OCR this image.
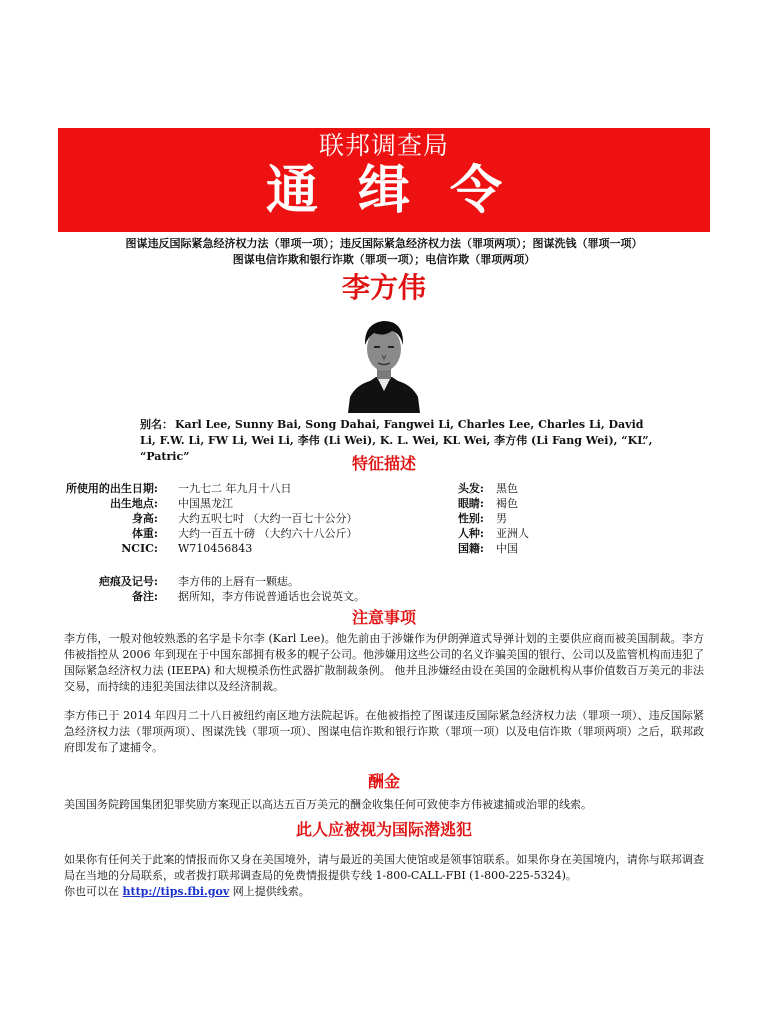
联邦调查局
通缉令
图谋违反国际紧急经济权力法（罪项一项）；违反国际紧急经济权力法（罪项两项）；图谋洗钱（罪项一项）
图谋电信诈欺和银行诈欺（罪项一项）；电信诈欺（罪项两项）
李方伟
别名： Karl Lee, Sunny Bai, Song Dahai, Fangwei Li, Charles Lee, Charles Li, David Li, F.W. Li, FW Li, Wei Li, 李伟 (Li Wei), K. L. Wei, KL Wei, 李方伟 (Li Fang Wei), “KL”, “Patric”	特征描述
所使用的出生日期: 一九七二 年九月十八日
出生地点: 中国黑龙江
身高: 大约五呎七吋 （大约一百七十公分）
体重: 大约一百五十磅 （大约六十八公斤）
NCIC: W710456843
头发: 黑色
眼睛: 褐色
性别: 男
人种: 亚洲人
国籍: 中国
疤痕及记号: 李方伟的上唇有一颗痣。
备注: 据所知，李方伟说普通话也会说英文。
注意事项
李方伟，一般对他较熟悉的名字是卡尔李 (Karl Lee)。他先前由于涉嫌作为伊朗弹道式导弹计划的主要供应商而被美国制裁。李方伟被指控从 2006 年到现在于中国东部拥有极多的幌子公司。他涉嫌用这些公司的名义诈骗美国的银行、公司以及监管机构而违犯了国际紧急经济权力法 (IEEPA) 和大规模杀伤性武器扩散制裁条例。 他并且涉嫌经由设在美国的金融机构从事价值数百万美元的非法交易，而持续的违犯美国法律以及经济制裁。
李方伟已于 2014 年四月二十八日被纽约南区地方法院起诉。在他被指控了图谋违反国际紧急经济权力法（罪项一项）、违反国际紧急经济权力法（罪项两项）、图谋洗钱（罪项一项）、图谋电信诈欺和银行诈欺（罪项一项）以及电信诈欺（罪项两项）之后，联邦政府即发布了逮捕令。
酬金
美国国务院跨国集团犯罪奖励方案现正以高达五百万美元的酬金收集任何可致使李方伟被逮捕或治罪的线索。
此人应被视为国际潜逃犯
如果你有任何关于此案的情报而你又身在美国境外，请与最近的美国大使馆或是领事馆联系。如果你身在美国境内，请你与联邦调查局在当地的分局联系，或者拨打联邦调查局的免费情报提供专线 1-800-CALL-FBI (1-800-225-5324)。
你也可以在 http://tips.fbi.gov 网上提供线索。
